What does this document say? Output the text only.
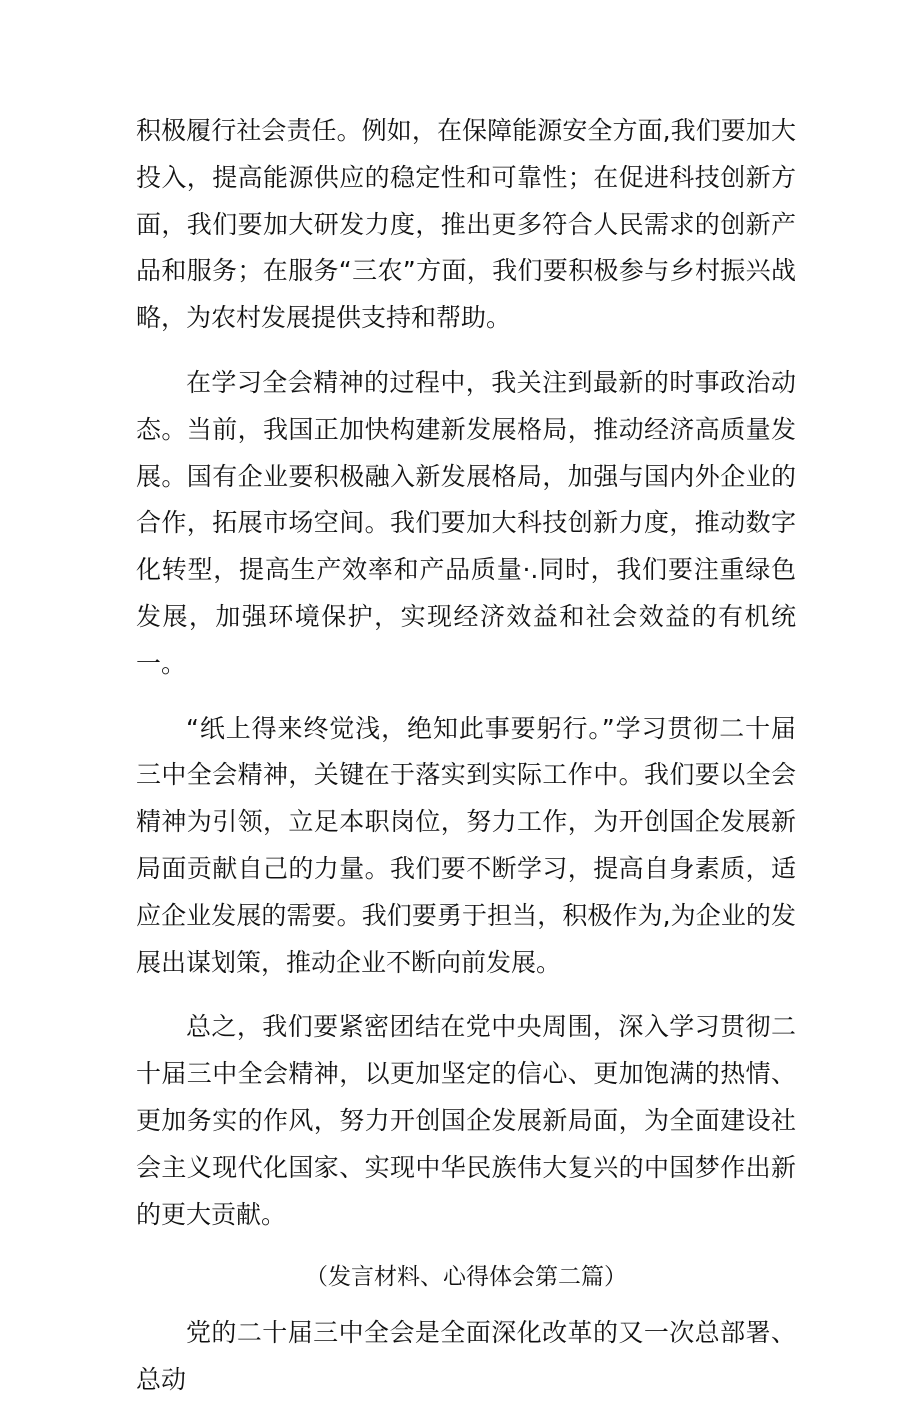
积极履行社会责任。例如，在保障能源安全方面,我们要加大投入，提高能源供应的稳定性和可靠性；在促进科技创新方面，我们要加大研发力度，推出更多符合人民需求的创新产品和服务；在服务“三农”方面，我们要积极参与乡村振兴战略，为农村发展提供支持和帮助。

在学习全会精神的过程中，我关注到最新的时事政治动态。当前，我国正加快构建新发展格局，推动经济高质量发展。国有企业要积极融入新发展格局，加强与国内外企业的合作，拓展市场空间。我们要加大科技创新力度，推动数字化转型，提高生产效率和产品质量·.同时，我们要注重绿色发展，加强环境保护，实现经济效益和社会效益的有机统一。

“纸上得来终觉浅，绝知此事要躬行。”学习贯彻二十届三中全会精神，关键在于落实到实际工作中。我们要以全会精神为引领，立足本职岗位，努力工作，为开创国企发展新局面贡献自己的力量。我们要不断学习，提高自身素质，适应企业发展的需要。我们要勇于担当，积极作为,为企业的发展出谋划策，推动企业不断向前发展。

总之，我们要紧密团结在党中央周围，深入学习贯彻二十届三中全会精神，以更加坚定的信心、更加饱满的热情、更加务实的作风，努力开创国企发展新局面，为全面建设社会主义现代化国家、实现中华民族伟大复兴的中国梦作出新的更大贡献。

（发言材料、心得体会第二篇）

党的二十届三中全会是全面深化改革的又一次总部署、总动
